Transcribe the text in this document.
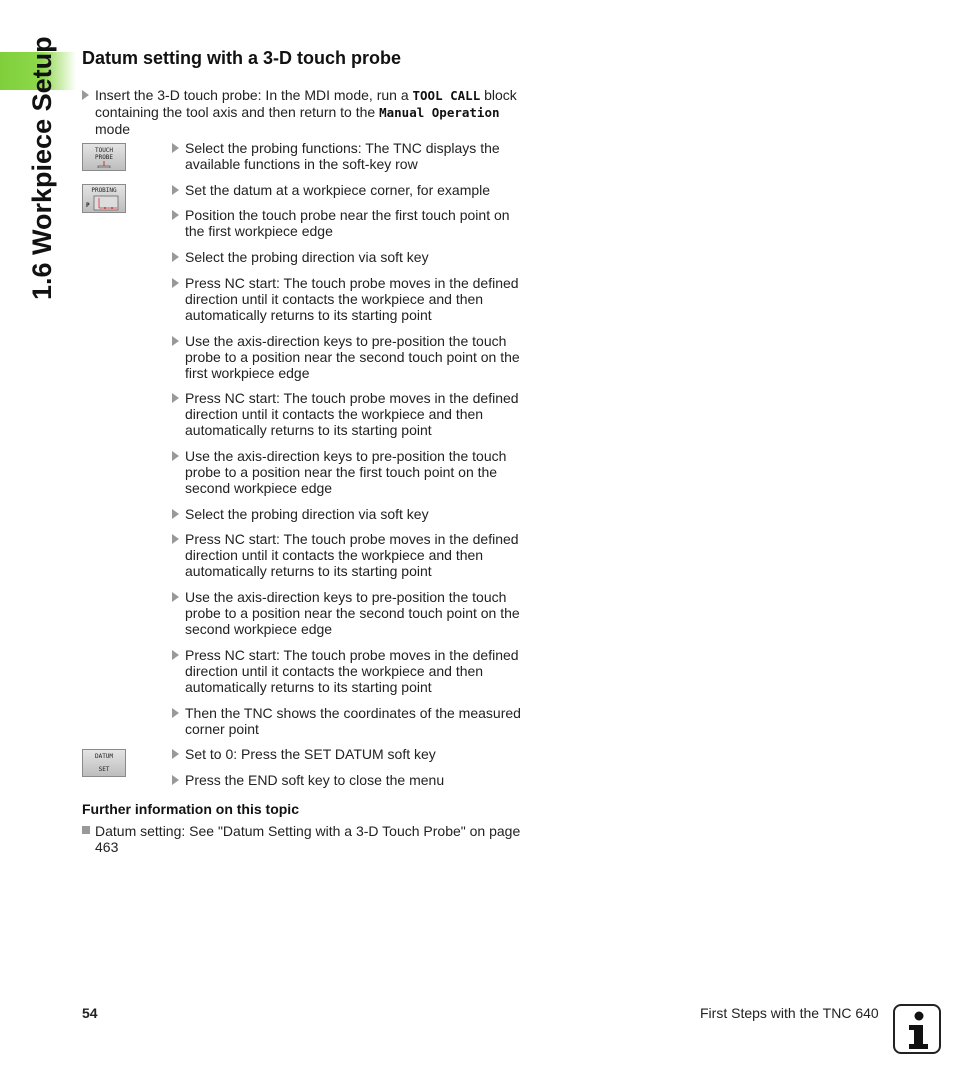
1.6 Workpiece Setup Datum setting with a 3-D touch probe
Insert the 3-D touch probe: In the MDI mode, run a TOOL CALL block
containing the tool axis and then return to the Manual Operation
mode
TOUCH
PROBE
PROBING
P
DATUM
SET
Select the probing functions: The TNC displays the
available functions in the soft-key row
Set the datum at a workpiece corner, for example
Position the touch probe near the first touch point on
the first workpiece edge
Select the probing direction via soft key
Press NC start: The touch probe moves in the defined
direction until it contacts the workpiece and then
automatically returns to its starting point
Use the axis-direction keys to pre-position the touch
probe to a position near the second touch point on the
first workpiece edge
Press NC start: The touch probe moves in the defined
direction until it contacts the workpiece and then
automatically returns to its starting point
Use the axis-direction keys to pre-position the touch
probe to a position near the first touch point on the
second workpiece edge
Select the probing direction via soft key
Press NC start: The touch probe moves in the defined
direction until it contacts the workpiece and then
automatically returns to its starting point
Use the axis-direction keys to pre-position the touch
probe to a position near the second touch point on the
second workpiece edge
Press NC start: The touch probe moves in the defined
direction until it contacts the workpiece and then
automatically returns to its starting point
Then the TNC shows the coordinates of the measured
corner point
Set to 0: Press the SET DATUM soft key
Press the END soft key to close the menu
Further information on this topic
Datum setting: See "Datum Setting with a 3-D Touch Probe" on page
463
54	First Steps with the TNC 640
